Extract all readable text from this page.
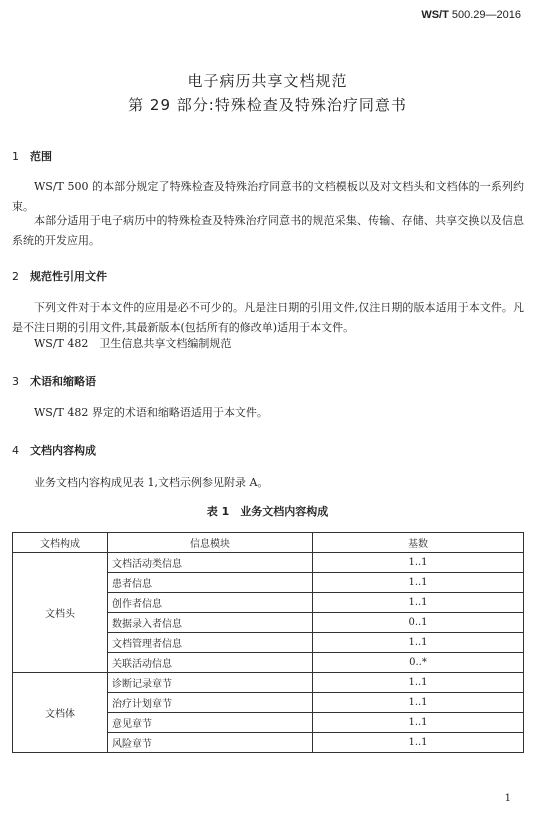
WS/T 500.29—2016
电子病历共享文档规范
第 29 部分:特殊检查及特殊治疗同意书
1 范围
WS/T 500 的本部分规定了特殊检查及特殊治疗同意书的文档模板以及对文档头和文档体的一系列约束。
本部分适用于电子病历中的特殊检查及特殊治疗同意书的规范采集、传输、存储、共享交换以及信息系统的开发应用。
2 规范性引用文件
下列文件对于本文件的应用是必不可少的。凡是注日期的引用文件,仅注日期的版本适用于本文件。凡是不注日期的引用文件,其最新版本(包括所有的修改单)适用于本文件。
WS/T 482　卫生信息共享文档编制规范
3 术语和缩略语
WS/T 482 界定的术语和缩略语适用于本文件。
4 文档内容构成
业务文档内容构成见表 1,文档示例参见附录 A。
表 1　业务文档内容构成
文档构成	信息模块	基数
文档头	文档活动类信息	1..1
	患者信息	1..1
	创作者信息	1..1
	数据录入者信息	0..1
	文档管理者信息	1..1
	关联活动信息	0..*
文档体	诊断记录章节	1..1
	治疗计划章节	1..1
	意见章节	1..1
	风险章节	1..1
1
